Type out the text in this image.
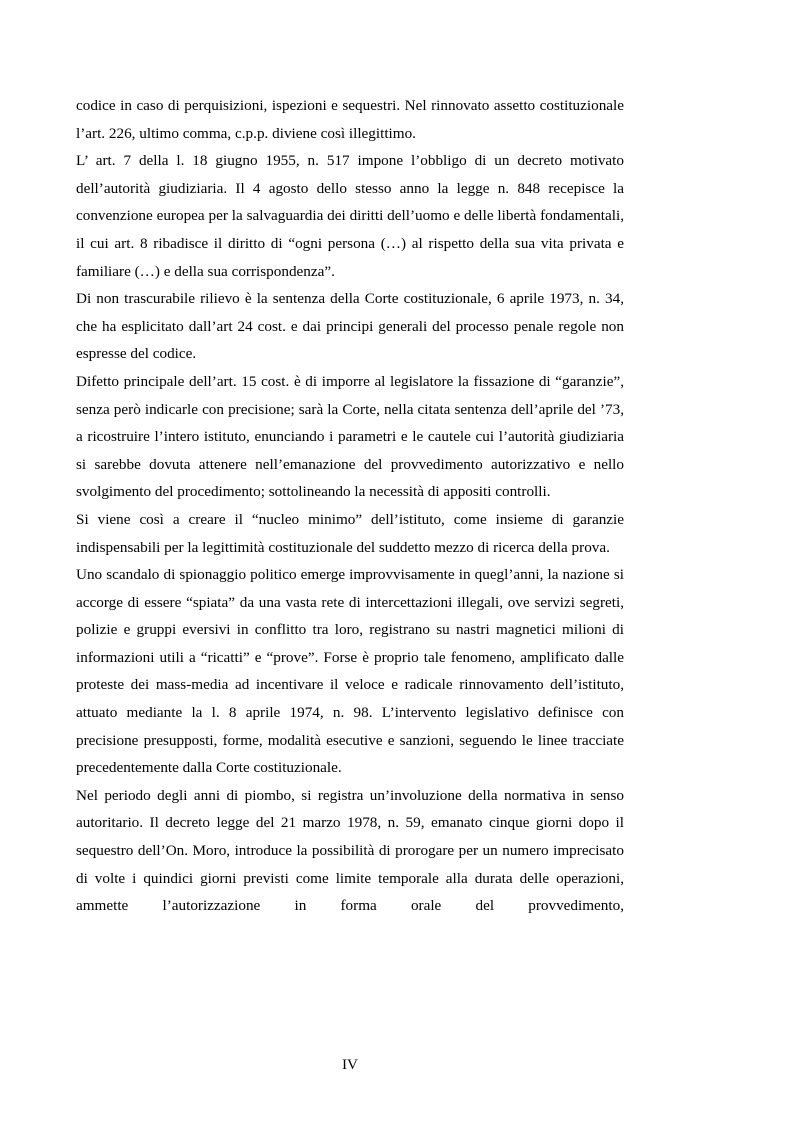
codice in caso di perquisizioni, ispezioni e sequestri. Nel rinnovato assetto costituzionale l’art. 226, ultimo comma, c.p.p. diviene così illegittimo.

L’ art. 7 della l. 18 giugno 1955, n. 517 impone l’obbligo di un decreto motivato dell’autorità giudiziaria. Il 4 agosto dello stesso anno la legge n. 848 recepisce la convenzione europea per la salvaguardia dei diritti dell’uomo e delle libertà fondamentali, il cui art. 8 ribadisce il diritto di “ogni persona (…) al rispetto della sua vita privata e familiare (…) e della sua corrispondenza”.

Di non trascurabile rilievo è la sentenza della Corte costituzionale, 6 aprile 1973, n. 34, che ha esplicitato dall’art 24 cost. e dai principi generali del processo penale regole non espresse del codice.

Difetto principale dell’art. 15 cost. è di imporre al legislatore la fissazione di “garanzie”, senza però indicarle con precisione; sarà la Corte, nella citata sentenza dell’aprile del ’73, a ricostruire l’intero istituto, enunciando i parametri e le cautele cui l’autorità giudiziaria si sarebbe dovuta attenere nell’emanazione del provvedimento autorizzativo e nello svolgimento del procedimento; sottolineando la necessità di appositi controlli.

Si viene così a creare il “nucleo minimo” dell’istituto, come insieme di garanzie indispensabili per la legittimità costituzionale del suddetto mezzo di ricerca della prova.

Uno scandalo di spionaggio politico emerge improvvisamente in quegl’anni, la nazione si accorge di essere “spiata” da una vasta rete di intercettazioni illegali, ove servizi segreti, polizie e gruppi eversivi in conflitto tra loro, registrano su nastri magnetici milioni di informazioni utili a “ricatti” e “prove”. Forse è proprio tale fenomeno, amplificato dalle proteste dei mass-media ad incentivare il veloce e radicale rinnovamento dell’istituto, attuato mediante la l. 8 aprile 1974, n. 98. L’intervento legislativo definisce con precisione presupposti, forme, modalità esecutive e sanzioni, seguendo le linee tracciate precedentemente dalla Corte costituzionale.

Nel periodo degli anni di piombo, si registra un’involuzione della normativa in senso autoritario. Il decreto legge del 21 marzo 1978, n. 59, emanato cinque giorni dopo il sequestro dell’On. Moro, introduce la possibilità di prorogare per un numero imprecisato di volte i quindici giorni previsti come limite temporale alla durata delle operazioni, ammette l’autorizzazione in forma orale del provvedimento,

IV
